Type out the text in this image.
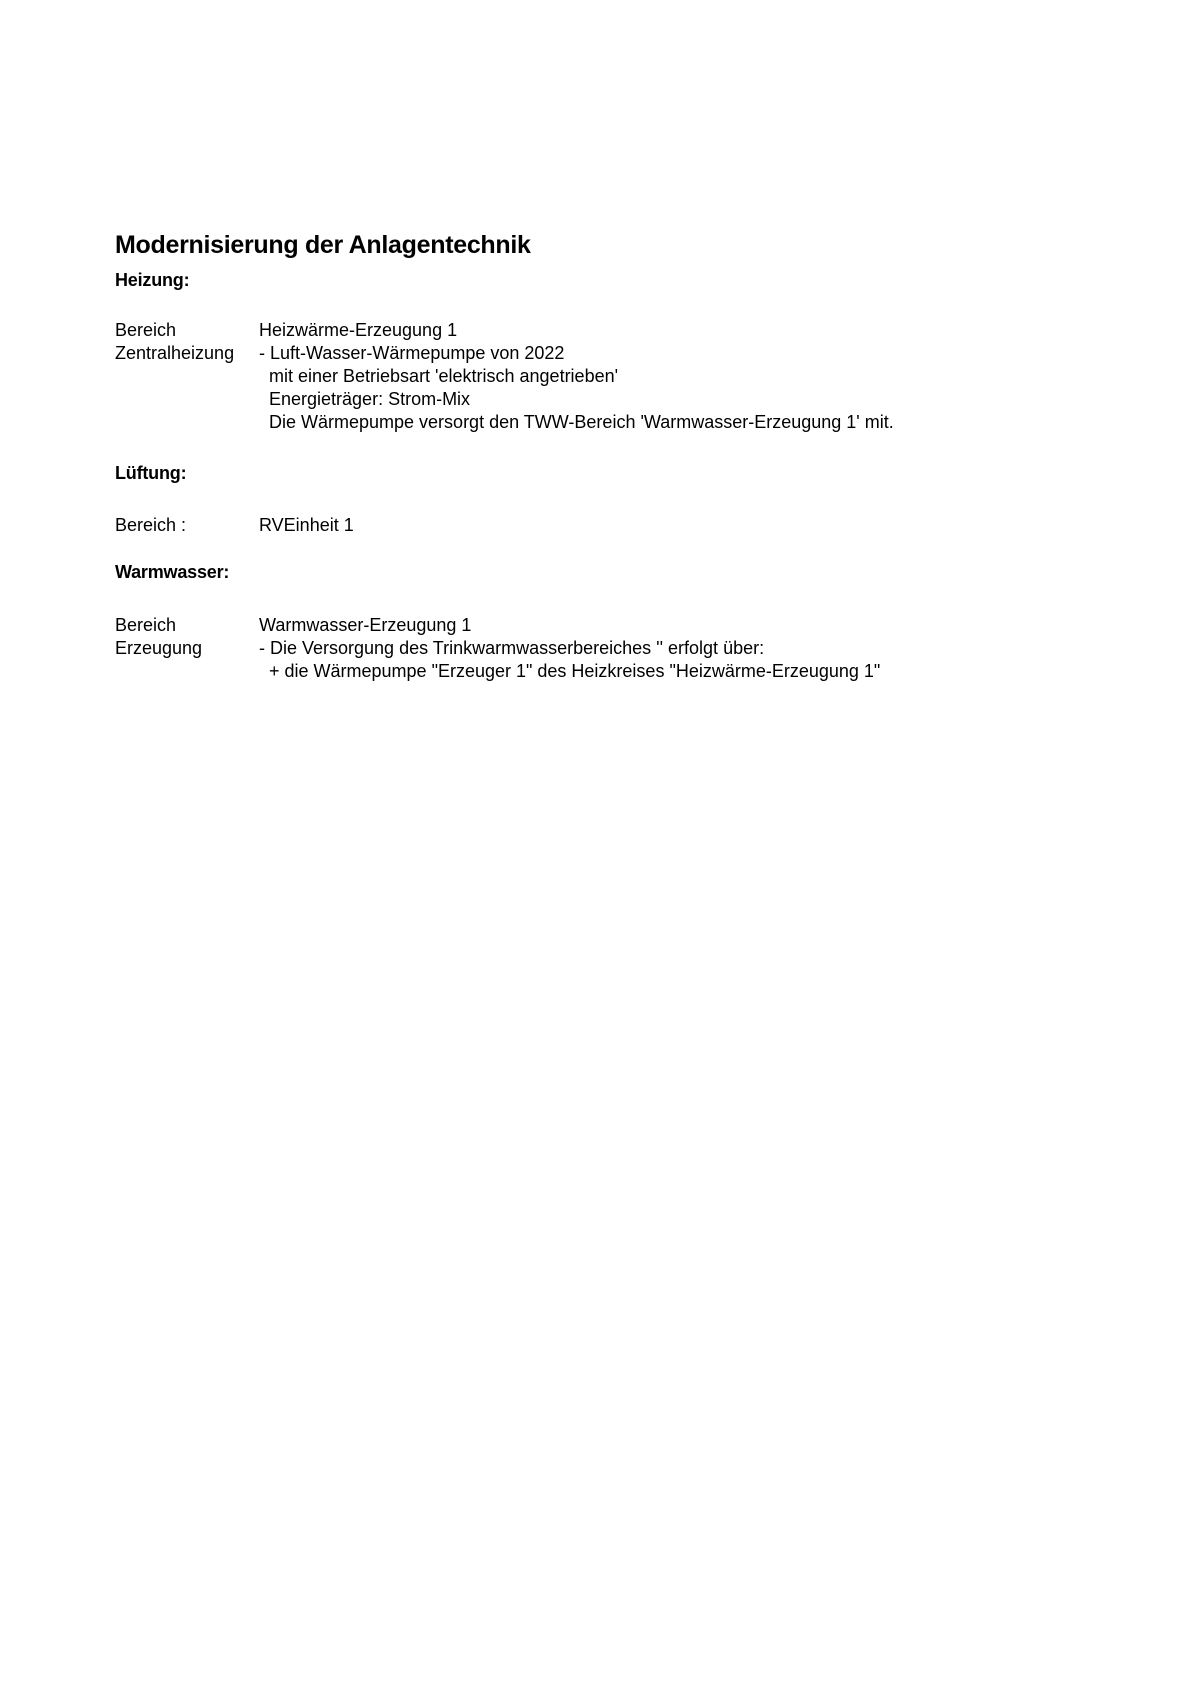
Modernisierung der Anlagentechnik
Heizung:
Bereich	Heizwärme-Erzeugung 1
Zentralheizung	- Luft-Wasser-Wärmepumpe von 2022
mit einer Betriebsart 'elektrisch angetrieben'
Energieträger: Strom-Mix
Die Wärmepumpe versorgt den TWW-Bereich 'Warmwasser-Erzeugung 1' mit.
Lüftung:
Bereich :	RVEinheit 1
Warmwasser:
Bereich	Warmwasser-Erzeugung 1
Erzeugung	- Die Versorgung des Trinkwarmwasserbereiches '' erfolgt über:
+ die Wärmepumpe "Erzeuger 1" des Heizkreises "Heizwärme-Erzeugung 1"
